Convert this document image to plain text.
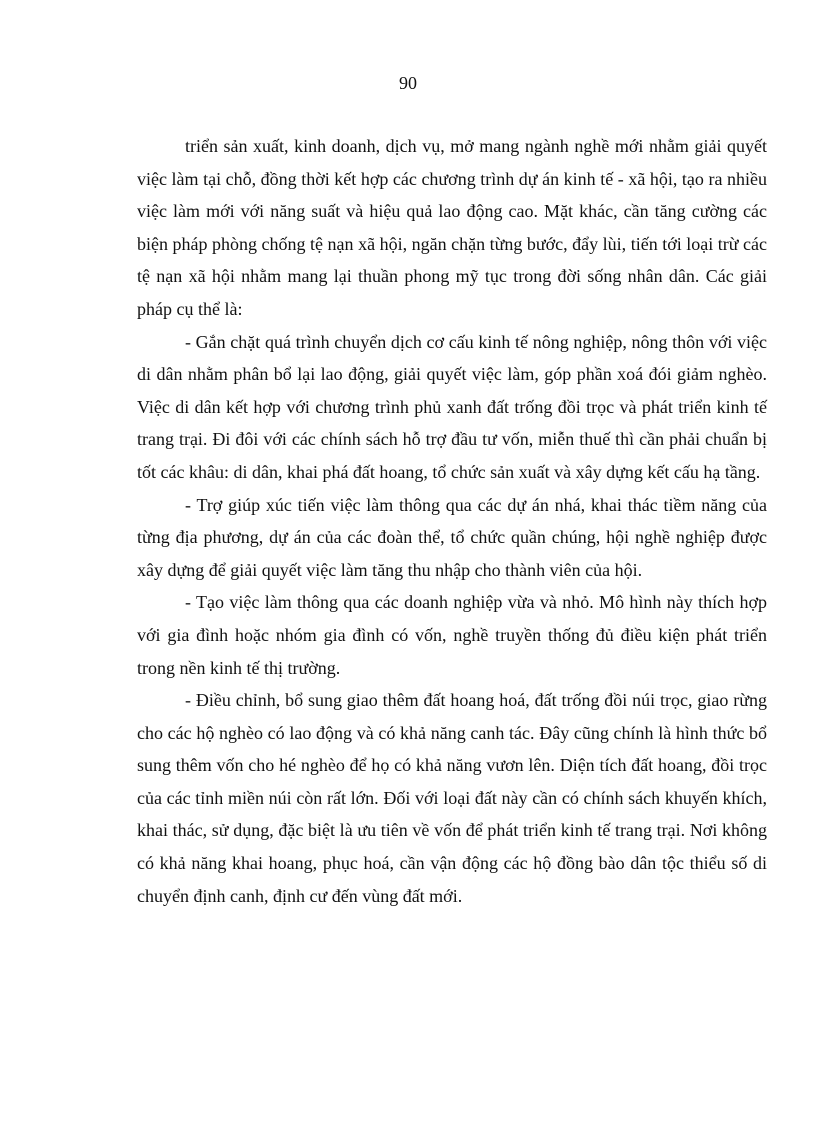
90

triển sản xuất, kinh doanh, dịch vụ, mở mang ngành nghề mới nhằm giải quyết việc làm tại chỗ, đồng thời kết hợp các chương trình dự án kinh tế - xã hội, tạo ra nhiều việc làm mới với năng suất và hiệu quả lao động cao. Mặt khác, cần tăng cường các biện pháp phòng chống tệ nạn xã hội, ngăn chặn từng bước, đẩy lùi, tiến tới loại trừ các tệ nạn xã hội nhằm mang lại thuần phong mỹ tục trong đời sống nhân dân. Các giải pháp cụ thể là:

- Gắn chặt quá trình chuyển dịch cơ cấu kinh tế nông nghiệp, nông thôn với việc di dân nhằm phân bổ lại lao động, giải quyết việc làm, góp phần xoá đói giảm nghèo. Việc di dân kết hợp với chương trình phủ xanh đất trống đồi trọc và phát triển kinh tế trang trại. Đi đôi với các chính sách hỗ trợ đầu tư vốn, miễn thuế thì cần phải chuẩn bị tốt các khâu: di dân, khai phá đất hoang, tổ chức sản xuất và xây dựng kết cấu hạ tầng.

- Trợ giúp xúc tiến việc làm thông qua các dự án nhá, khai thác tiềm năng của từng địa phương, dự án của các đoàn thể, tổ chức quần chúng, hội nghề nghiệp được xây dựng để giải quyết việc làm tăng thu nhập cho thành viên của hội.

- Tạo việc làm thông qua các doanh nghiệp vừa và nhỏ. Mô hình này thích hợp với gia đình hoặc nhóm gia đình có vốn, nghề truyền thống đủ điều kiện phát triển trong nền kinh tế thị trường.

- Điều chỉnh, bổ sung giao thêm đất hoang hoá, đất trống đồi núi trọc, giao rừng cho các hộ nghèo có lao động và có khả năng canh tác. Đây cũng chính là hình thức bổ sung thêm vốn cho hé nghèo để họ có khả năng vươn lên. Diện tích đất hoang, đồi trọc của các tỉnh miền núi còn rất lớn. Đối với loại đất này cần có chính sách khuyến khích, khai thác, sử dụng, đặc biệt là ưu tiên về vốn để phát triển kinh tế trang trại. Nơi không có khả năng khai hoang, phục hoá, cần vận động các hộ đồng bào dân tộc thiểu số di chuyển định canh, định cư đến vùng đất mới.
